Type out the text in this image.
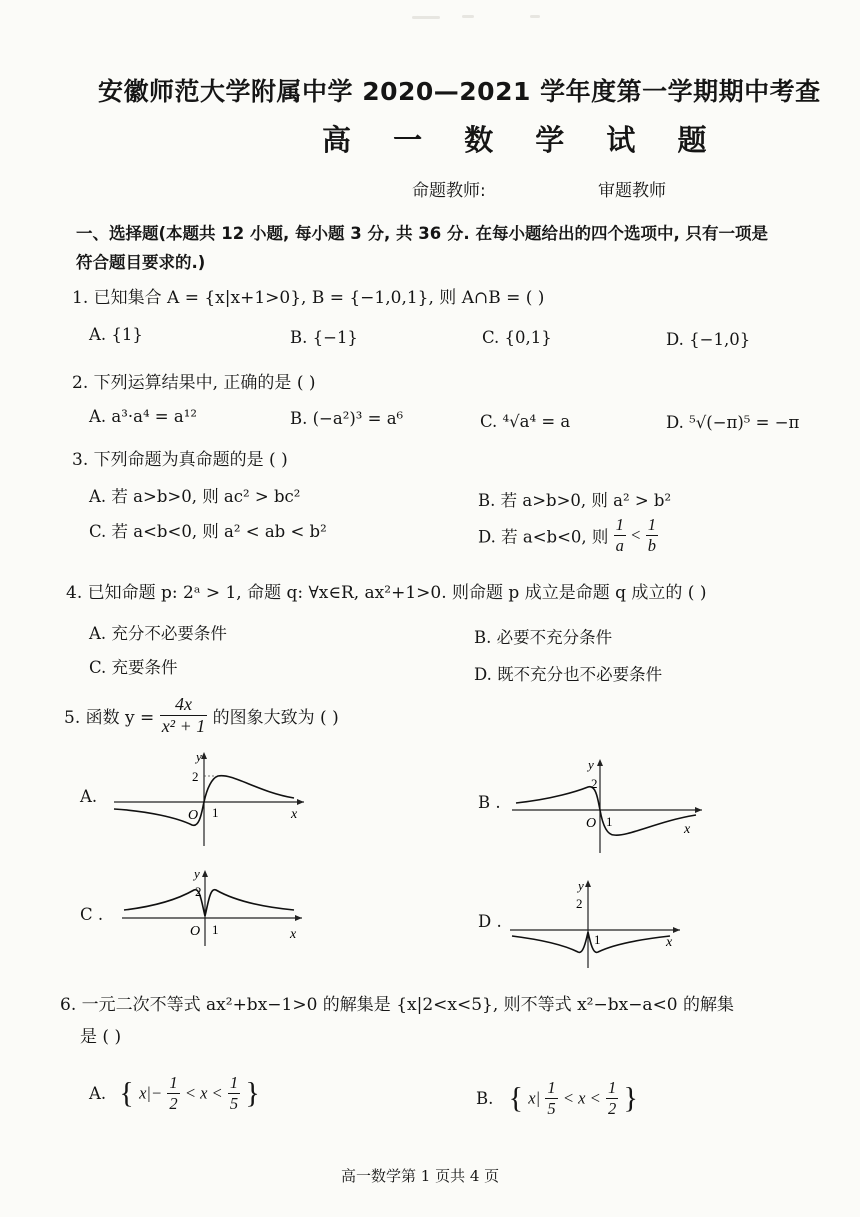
安徽师范大学附属中学 2020—2021 学年度第一学期期中考查
高 一 数 学 试 题
命题教师:	审题教师
一、选择题(本题共 12 小题, 每小题 3 分, 共 36 分. 在每小题给出的四个选项中, 只有一项是
符合题目要求的.)
1. 已知集合 A = {x|x+1>0}, B = {−1,0,1}, 则 A∩B = ( )
A. {1}	B. {−1}	C. {0,1}	D. {−1,0}
2. 下列运算结果中, 正确的是 ( )
A. a³·a⁴ = a¹²	B. (−a²)³ = a⁶	C. ⁴√a⁴ = a	D. ⁵√(−π)⁵ = −π
3. 下列命题为真命题的是 ( )
A. 若 a>b>0, 则 ac² > bc²	B. 若 a>b>0, 则 a² > b²
C. 若 a<b<0, 则 a² < ab < b²	D. 若 a<b<0, 则 $\frac{1}{a} < \frac{1}{b}$
4. 已知命题 p: 2ᵃ > 1, 命题 q: ∀x∈R, ax²+1>0. 则命题 p 成立是命题 q 成立的 ( )
A. 充分不必要条件	B. 必要不充分条件
C. 充要条件	D. 既不充分也不必要条件
5. 函数 $y = \frac{4x}{\text{x² + 1}}$ 的图象大致为 ( )
A.	B .
C .	D .
y
2
O 1	x
y
2
O 1
x
y
2
O 1	x
y
2
1	x
6. 一元二次不等式 ax²+bx−1>0 的解集是 {x|2<x<5}, 则不等式 x²−bx−a<0 的解集
是 ( )
A. { $x|- \frac{1}{2} < x < \frac{1}{5}$ }	B. { $x| \frac{1}{5} < x < \frac{1}{2}$ }
高一数学第 1 页共 4 页
